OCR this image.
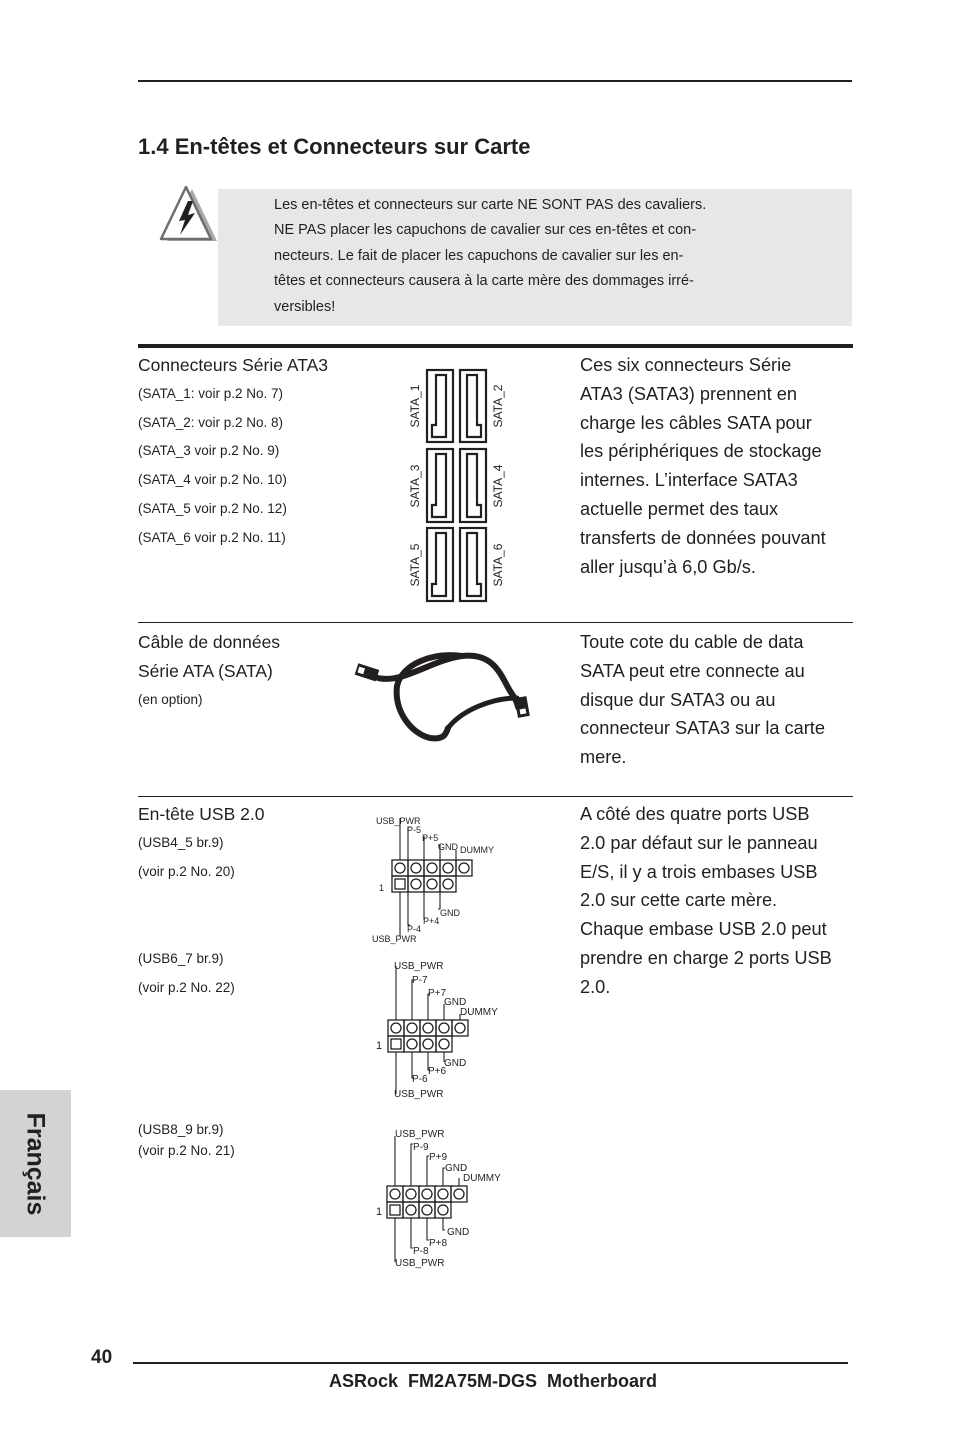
1.4 En-têtes et Connecteurs sur Carte

Les en-têtes et connecteurs sur carte NE SONT PAS des cavaliers.
NE PAS placer les capuchons de cavalier sur ces en-têtes et con-
necteurs. Le fait de placer les capuchons de cavalier sur les en-
têtes et connecteurs causera à la carte mère des dommages irré-
versibles!

Connecteurs Série ATA3
(SATA_1: voir p.2 No. 7)
(SATA_2: voir p.2 No. 8)
(SATA_3 voir p.2 No. 9)
(SATA_4 voir p.2 No. 10)
(SATA_5 voir p.2 No. 12)
(SATA_6 voir p.2 No. 11)
SATA_1	SATA_2
SATA_3	SATA_4
SATA_5	SATA_6

Ces six connecteurs Série
ATA3 (SATA3) prennent en
charge les câbles SATA pour
les périphériques de stockage
internes. L’interface SATA3
actuelle permet des taux
transferts de données pouvant
aller jusqu’à 6,0 Gb/s.

Câble de données
Série ATA (SATA)
(en option)

Toute cote du cable de data
SATA peut etre connecte au
disque dur SATA3 ou au
connecteur SATA3 sur la carte
mere.

En-tête USB 2.0
(USB4_5 br.9)
(voir p.2 No. 20)
(USB6_7 br.9)
(voir p.2 No. 22)
(USB8_9 br.9)
(voir p.2 No. 21)
USB_PWR
P-5
P+5
GND DUMMY
GND
P+4
P-4
USB_PWR
1
USB_PWR
P-7
P+7
GND
DUMMY
GND
P+6
P-6
USB_PWR
1
USB_PWR
P-9
P+9
GND
DUMMY
GND
P+8
P-8
USB_PWR
1

A côté des quatre ports USB
2.0 par défaut sur le panneau
E/S, il y a trois embases USB
2.0 sur cette carte mère.
Chaque embase USB 2.0 peut
prendre en charge 2 ports USB
2.0.

Français
40
ASRock  FM2A75M-DGS  Motherboard
